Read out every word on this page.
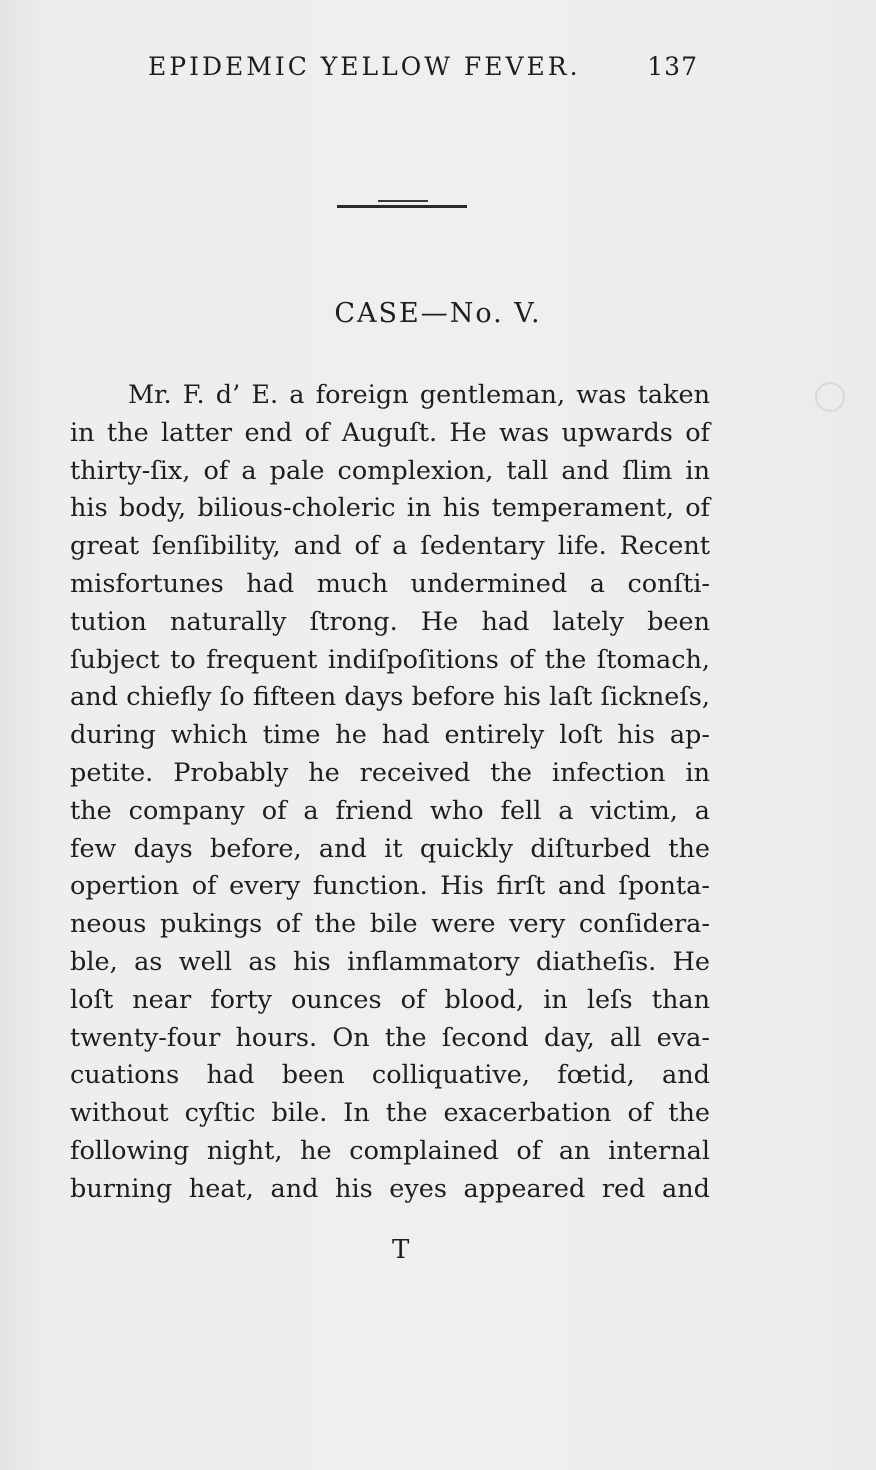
EPIDEMIC YELLOW FEVER.	137
CASE—No. V.
Mr. F. d’ E. a foreign gentleman, was taken
in the latter end of Auguſt. He was upwards of
thirty-ſix, of a pale complexion, tall and ſlim in
his body, bilious-choleric in his temperament, of
great ſenſibility, and of a ſedentary life. Recent
misfortunes had much undermined a conſti-
tution naturally ſtrong. He had lately been
ſubject to frequent indiſpoſitions of the ſtomach,
and chiefly ſo fifteen days before his laſt ſickneſs,
during which time he had entirely loſt his ap-
petite. Probably he received the infection in
the company of a friend who fell a victim, a
few days before, and it quickly diſturbed the
opertion of every function. His firſt and ſponta-
neous pukings of the bile were very conſidera-
ble, as well as his inflammatory diatheſis. He
loſt near forty ounces of blood, in leſs than
twenty-four hours. On the ſecond day, all eva-
cuations had been colliquative, fœtid, and
without cyſtic bile. In the exacerbation of the
following night, he complained of an internal
burning heat, and his eyes appeared red and
T
